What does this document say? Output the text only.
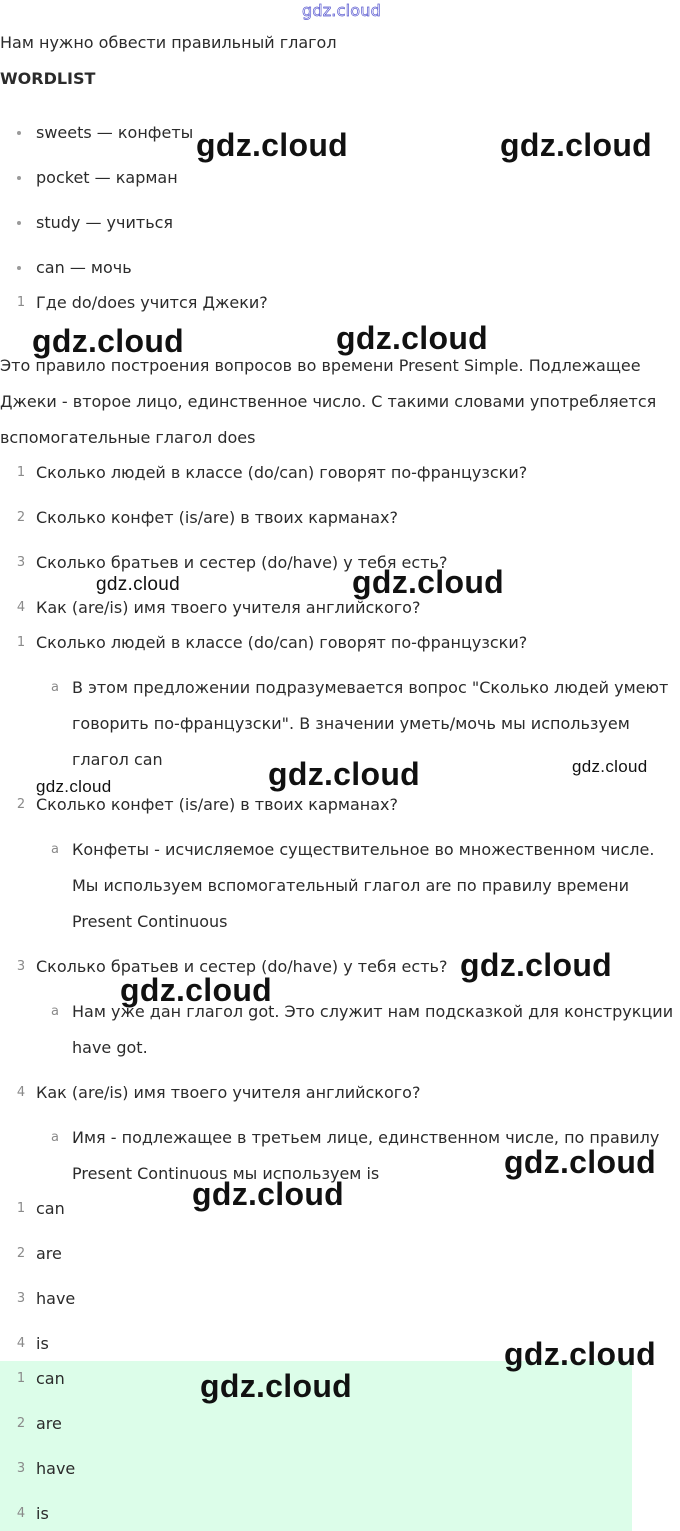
gdz.cloud
Нам нужно обвести правильный глагол
WORDLIST
sweets — конфеты
pocket — карман
study — учиться
can — мочь
1 Где do/does учится Джеки?
Это правило построения вопросов во времени Present Simple. Подлежащее
Джеки - второе лицо, единственное число. С такими словами употребляется
вспомогательные глагол does
1 Сколько людей в классе (do/can) говорят по-французски?
2 Сколько конфет (is/are) в твоих карманах?
3 Сколько братьев и сестер (do/have) у тебя есть?
4 Как (are/is) имя твоего учителя английского?
1 Сколько людей в классе (do/can) говорят по-французски?
a В этом предложении подразумевается вопрос "Сколько людей умеют
говорить по-французски". В значении уметь/мочь мы используем
глагол can
2 Сколько конфет (is/are) в твоих карманах?
a Конфеты - исчисляемое существительное во множественном числе.
Мы используем вспомогательный глагол are по правилу времени
Present Continuous
3 Сколько братьев и сестер (do/have) у тебя есть?
a Нам уже дан глагол got. Это служит нам подсказкой для конструкции
have got.
4 Как (are/is) имя твоего учителя английского?
a Имя - подлежащее в третьем лице, единственном числе, по правилу
Present Continuous мы используем is
1 can
2 are
3 have
4 is
1 can
2 are
3 have
4 is
gdz.cloud	gdz.cloud
gdz.cloud	gdz.cloud
gdz.cloud	gdz.cloud
gdz.cloud	gdz.cloud
gdz.cloud
gdz.cloud
gdz.cloud
gdz.cloud
gdz.cloud
gdz.cloud
gdz.cloud
